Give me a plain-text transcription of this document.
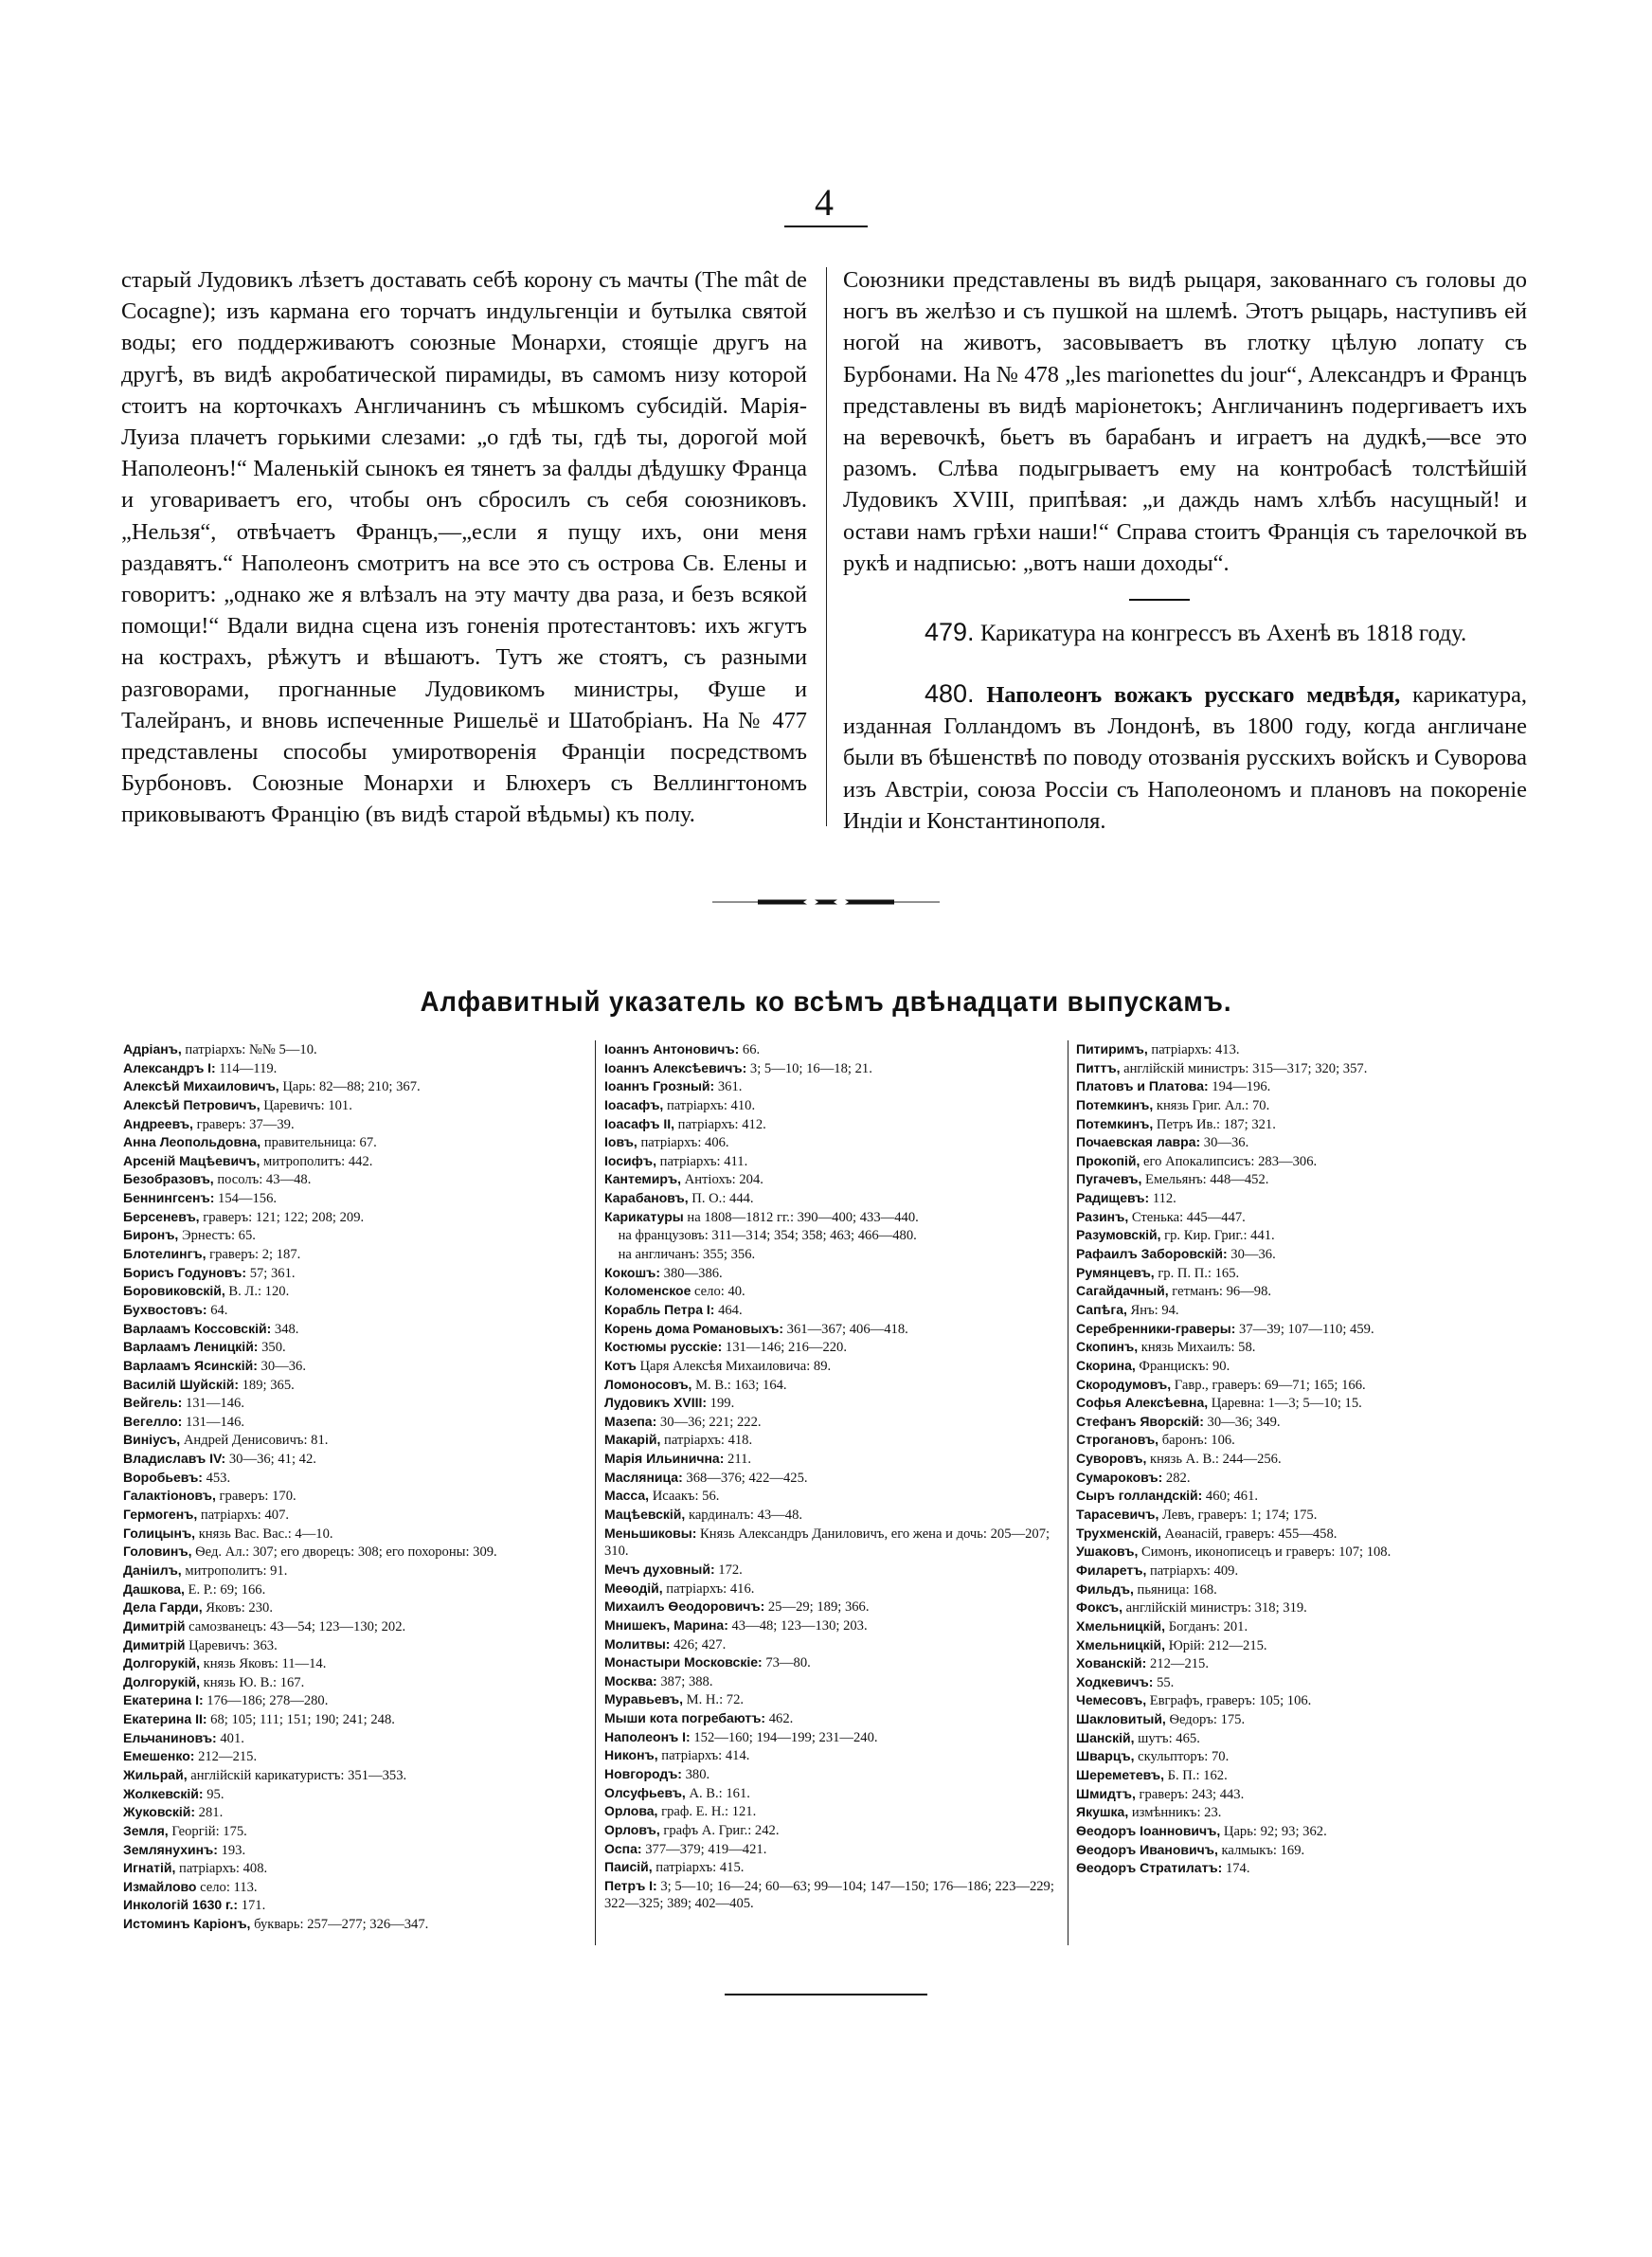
4

старый Лудовикъ лѣзетъ доставать себѣ корону съ мачты (The mât de Cocagne); изъ кармана его торчатъ индульгенціи и бутылка святой воды; его поддерживаютъ союзные Монархи, стоящіе другъ на другѣ, въ видѣ акробатической пирамиды, въ самомъ низу которой стоитъ на корточкахъ Англичанинъ съ мѣшкомъ субсидій. Марія-Луиза плачетъ горькими слезами: „о гдѣ ты, гдѣ ты, дорогой мой Наполеонъ!“ Маленькій сынокъ ея тянетъ за фалды дѣдушку Франца и уговариваетъ его, чтобы онъ сбросилъ съ себя союзниковъ. „Нельзя“, отвѣчаетъ Францъ,—„если я пущу ихъ, они меня раздавятъ.“ Наполеонъ смотритъ на все это съ острова Св. Елены и говоритъ: „однако же я влѣзалъ на эту мачту два раза, и безъ всякой помощи!“ Вдали видна сцена изъ гоненія протестантовъ: ихъ жгутъ на кострахъ, рѣжутъ и вѣшаютъ. Тутъ же стоятъ, съ разными разговорами, прогнанные Лудовикомъ министры, Фуше и Талейранъ, и вновь испеченные Ришельё и Шатобріанъ. На № 477 представлены способы умиротворенія Франціи посредствомъ Бурбоновъ. Союзные Монархи и Блюхеръ съ Веллингтономъ приковываютъ Францію (въ видѣ старой вѣдьмы) къ полу.

Союзники представлены въ видѣ рыцаря, закованнаго съ головы до ногъ въ желѣзо и съ пушкой на шлемѣ. Этотъ рыцарь, наступивъ ей ногой на животъ, засовываетъ въ глотку цѣлую лопату съ Бурбонами. На № 478 „les marionettes du jour“, Александръ и Францъ представлены въ видѣ маріонетокъ; Англичанинъ подергиваетъ ихъ на веревочкѣ, бьетъ въ барабанъ и играетъ на дудкѣ,—все это разомъ. Слѣва подыгрываетъ ему на контробасѣ толстѣйшій Лудовикъ XVIII, припѣвая: „и даждь намъ хлѣбъ насущный! и остави намъ грѣхи наши!“ Справа стоитъ Франція съ тарелочкой въ рукѣ и надписью: „вотъ наши доходы“.

479. Карикатура на конгрессъ въ Ахенѣ въ 1818 году.

480. Наполеонъ вожакъ русскаго медвѣдя, карикатура, изданная Голландомъ въ Лондонѣ, въ 1800 году, когда англичане были въ бѣшенствѣ по поводу отозванія русскихъ войскъ и Суворова изъ Австріи, союза Россіи съ Наполеономъ и плановъ на покореніе Индіи и Константинополя.

Алфавитный указатель ко всѣмъ двѣнадцати выпускамъ.
Адріанъ, патріархъ: №№ 5—10.
Александръ I: 114—119.
Алексѣй Михаиловичъ, Царь: 82—88; 210; 367.
Алексѣй Петровичъ, Царевичъ: 101.
Андреевъ, граверъ: 37—39.
Анна Леопольдовна, правительница: 67.
Арсеній Мацѣевичъ, митрополитъ: 442.
Безобразовъ, посолъ: 43—48.
Беннингсенъ: 154—156.
Берсеневъ, граверъ: 121; 122; 208; 209.
Биронъ, Эрнестъ: 65.
Блотелингъ, граверъ: 2; 187.
Борисъ Годуновъ: 57; 361.
Боровиковскій, В. Л.: 120.
Бухвостовъ: 64.
Варлаамъ Коссовскій: 348.
Варлаамъ Леницкій: 350.
Варлаамъ Ясинскій: 30—36.
Василій Шуйскій: 189; 365.
Вейгель: 131—146.
Вегелло: 131—146.
Винiусъ, Андрей Денисовичъ: 81.
Владиславъ IV: 30—36; 41; 42.
Воробьевъ: 453.
Галактіоновъ, граверъ: 170.
Гермогенъ, патріархъ: 407.
Голицынъ, князь Вас. Вас.: 4—10.
Головинъ, Ѳед. Ал.: 307; его дворецъ: 308; его похороны: 309.
Даніилъ, митрополитъ: 91.
Дашкова, Е. Р.: 69; 166.
Дела Гарди, Яковъ: 230.
Димитрій самозванецъ: 43—54; 123—130; 202.
Димитрій Царевичъ: 363.
Долгорукій, князь Яковъ: 11—14.
Долгорукій, князь Ю. В.: 167.
Екатерина I: 176—186; 278—280.
Екатерина II: 68; 105; 111; 151; 190; 241; 248.
Ельчаниновъ: 401.
Емешенко: 212—215.
Жильрай, англійскій карикатуристъ: 351—353.
Жолкевскій: 95.
Жуковскій: 281.
Земля, Георгій: 175.
Землянухинъ: 193.
Игнатій, патріархъ: 408.
Измайлово село: 113.
Инкологій 1630 г.: 171.
Истоминъ Каріонъ, букварь: 257—277; 326—347.
Іоаннъ Антоновичъ: 66.
Іоаннъ Алексѣевичъ: 3; 5—10; 16—18; 21.
Іоаннъ Грозный: 361.
Іоасафъ, патріархъ: 410.
Іоасафъ II, патріархъ: 412.
Іовъ, патріархъ: 406.
Іосифъ, патріархъ: 411.
Кантемиръ, Антіохъ: 204.
Карабановъ, П. О.: 444.
Карикатуры на 1808—1812 гг.: 390—400; 433—440.
на французовъ: 311—314; 354; 358; 463; 466—480.
на англичанъ: 355; 356.
Кокошъ: 380—386.
Коломенское село: 40.
Корабль Петра I: 464.
Корень дома Романовыхъ: 361—367; 406—418.
Костюмы русскіе: 131—146; 216—220.
Котъ Царя Алексѣя Михаиловича: 89.
Ломоносовъ, М. В.: 163; 164.
Лудовикъ XVIII: 199.
Мазепа: 30—36; 221; 222.
Макарій, патріархъ: 418.
Марія Ильинична: 211.
Масляница: 368—376; 422—425.
Масса, Исаакъ: 56.
Мацѣевскій, кардиналъ: 43—48.
Меньшиковы: Князь Александръ Даниловичъ, его жена и дочь: 205—207; 310.
Мечъ духовный: 172.
Меѳодій, патріархъ: 416.
Михаилъ Ѳеодоровичъ: 25—29; 189; 366.
Мнишекъ, Марина: 43—48; 123—130; 203.
Молитвы: 426; 427.
Монастыри Московскіе: 73—80.
Москва: 387; 388.
Муравьевъ, М. Н.: 72.
Мыши кота погребаютъ: 462.
Наполеонъ I: 152—160; 194—199; 231—240.
Никонъ, патріархъ: 414.
Новгородъ: 380.
Олсуфьевъ, А. В.: 161.
Орлова, граф. Е. Н.: 121.
Орловъ, графъ А. Григ.: 242.
Оспа: 377—379; 419—421.
Паисій, патріархъ: 415.
Петръ I: 3; 5—10; 16—24; 60—63; 99—104; 147—150; 176—186; 223—229; 322—325; 389; 402—405.
Питиримъ, патріархъ: 413.
Питтъ, англійскій министръ: 315—317; 320; 357.
Платовъ и Платова: 194—196.
Потемкинъ, князь Григ. Ал.: 70.
Потемкинъ, Петръ Ив.: 187; 321.
Почаевская лавра: 30—36.
Прокопій, его Апокалипсисъ: 283—306.
Пугачевъ, Емельянъ: 448—452.
Радищевъ: 112.
Разинъ, Стенька: 445—447.
Разумовскій, гр. Кир. Григ.: 441.
Рафаилъ Заборовскій: 30—36.
Румянцевъ, гр. П. П.: 165.
Сагайдачный, гетманъ: 96—98.
Сапѣга, Янъ: 94.
Серебренники-граверы: 37—39; 107—110; 459.
Скопинъ, князь Михаилъ: 58.
Скорина, Францискъ: 90.
Скородумовъ, Гавр., граверъ: 69—71; 165; 166.
Софья Алексѣевна, Царевна: 1—3; 5—10; 15.
Стефанъ Яворскій: 30—36; 349.
Строгановъ, баронъ: 106.
Суворовъ, князь А. В.: 244—256.
Сумароковъ: 282.
Сыръ голландскій: 460; 461.
Тарасевичъ, Левъ, граверъ: 1; 174; 175.
Трухменскій, Аѳанасій, граверъ: 455—458.
Ушаковъ, Симонъ, иконописецъ и граверъ: 107; 108.
Филаретъ, патріархъ: 409.
Фильдъ, пьяница: 168.
Фоксъ, англійскій министръ: 318; 319.
Хмельницкій, Богданъ: 201.
Хмельницкій, Юрій: 212—215.
Хованскій: 212—215.
Ходкевичъ: 55.
Чемесовъ, Евграфъ, граверъ: 105; 106.
Шакловитый, Ѳедоръ: 175.
Шанскій, шутъ: 465.
Шварцъ, скульпторъ: 70.
Шереметевъ, Б. П.: 162.
Шмидтъ, граверъ: 243; 443.
Якушка, измѣнникъ: 23.
Ѳеодоръ Іоанновичъ, Царь: 92; 93; 362.
Ѳеодоръ Ивановичъ, калмыкъ: 169.
Ѳеодоръ Стратилатъ: 174.
